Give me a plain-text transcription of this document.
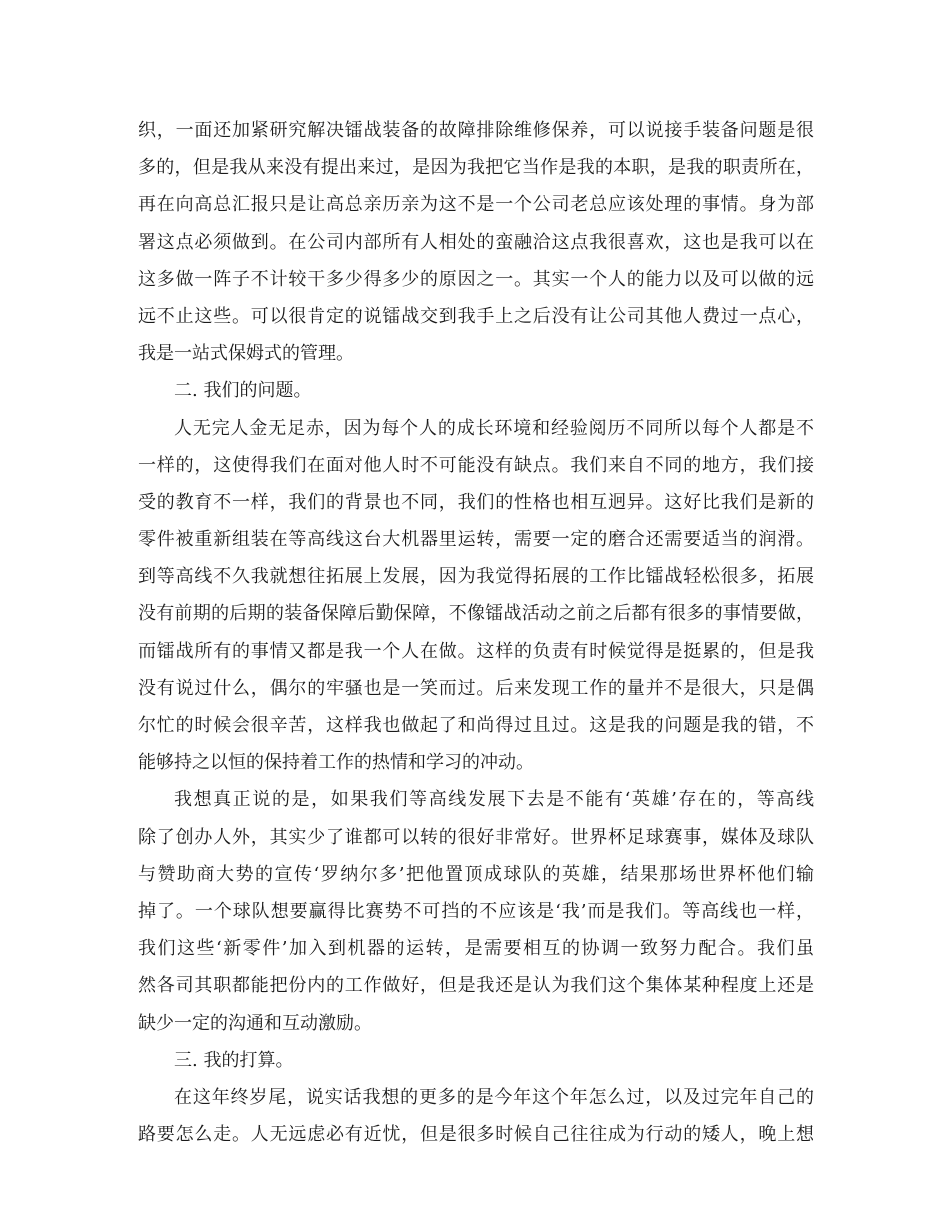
织，一面还加紧研究解决镭战装备的故障排除维修保养，可以说接手装备问题是很
多的，但是我从来没有提出来过，是因为我把它当作是我的本职，是我的职责所在，
再在向高总汇报只是让高总亲历亲为这不是一个公司老总应该处理的事情。身为部
署这点必须做到。在公司内部所有人相处的蛮融洽这点我很喜欢，这也是我可以在
这多做一阵子不计较干多少得多少的原因之一。其实一个人的能力以及可以做的远
远不止这些。可以很肯定的说镭战交到我手上之后没有让公司其他人费过一点心，
我是一站式保姆式的管理。
二. 我们的问题。
人无完人金无足赤，因为每个人的成长环境和经验阅历不同所以每个人都是不
一样的，这使得我们在面对他人时不可能没有缺点。我们来自不同的地方，我们接
受的教育不一样，我们的背景也不同，我们的性格也相互迥异。这好比我们是新的
零件被重新组装在等高线这台大机器里运转，需要一定的磨合还需要适当的润滑。
到等高线不久我就想往拓展上发展，因为我觉得拓展的工作比镭战轻松很多，拓展
没有前期的后期的装备保障后勤保障，不像镭战活动之前之后都有很多的事情要做，
而镭战所有的事情又都是我一个人在做。这样的负责有时候觉得是挺累的，但是我
没有说过什么，偶尔的牢骚也是一笑而过。后来发现工作的量并不是很大，只是偶
尔忙的时候会很辛苦，这样我也做起了和尚得过且过。这是我的问题是我的错，不
能够持之以恒的保持着工作的热情和学习的冲动。
我想真正说的是，如果我们等高线发展下去是不能有‘英雄’存在的，等高线
除了创办人外，其实少了谁都可以转的很好非常好。世界杯足球赛事，媒体及球队
与赞助商大势的宣传‘罗纳尔多’把他置顶成球队的英雄，结果那场世界杯他们输
掉了。一个球队想要赢得比赛势不可挡的不应该是‘我’而是我们。等高线也一样，
我们这些‘新零件’加入到机器的运转，是需要相互的协调一致努力配合。我们虽
然各司其职都能把份内的工作做好，但是我还是认为我们这个集体某种程度上还是
缺少一定的沟通和互动激励。
三. 我的打算。
在这年终岁尾，说实话我想的更多的是今年这个年怎么过，以及过完年自己的
路要怎么走。人无远虑必有近忧，但是很多时候自己往往成为行动的矮人，晚上想
